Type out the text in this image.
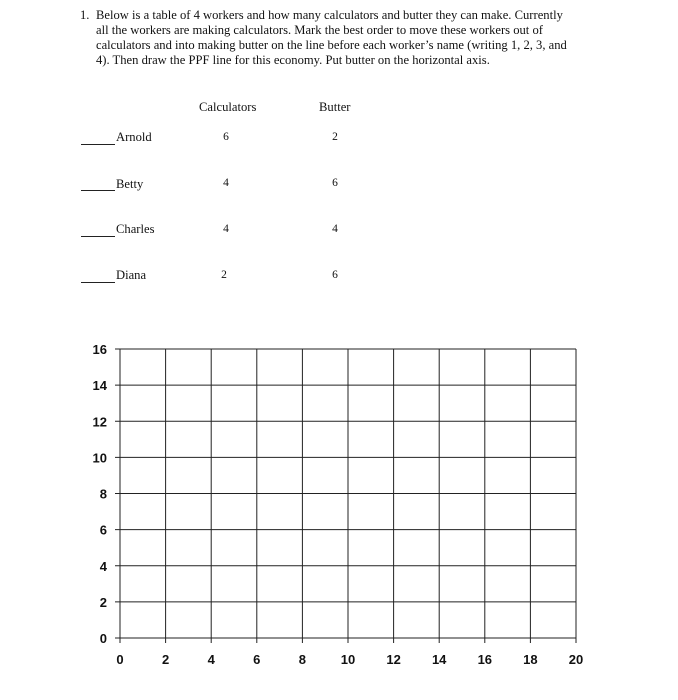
1. Below is a table of 4 workers and how many calculators and butter they can make. Currently
all the workers are making calculators. Mark the best order to move these workers out of
calculators and into making butter on the line before each worker’s name (writing 1, 2, 3, and
4). Then draw the PPF line for this economy. Put butter on the horizontal axis.
Calculators	Butter
Arnold	6	2
Betty	4	6
Charles	4	4
Diana	2	6
0	2	4	6	8	10 12 14 16 18 20
0
2
4
6
8
10
12
14
16
